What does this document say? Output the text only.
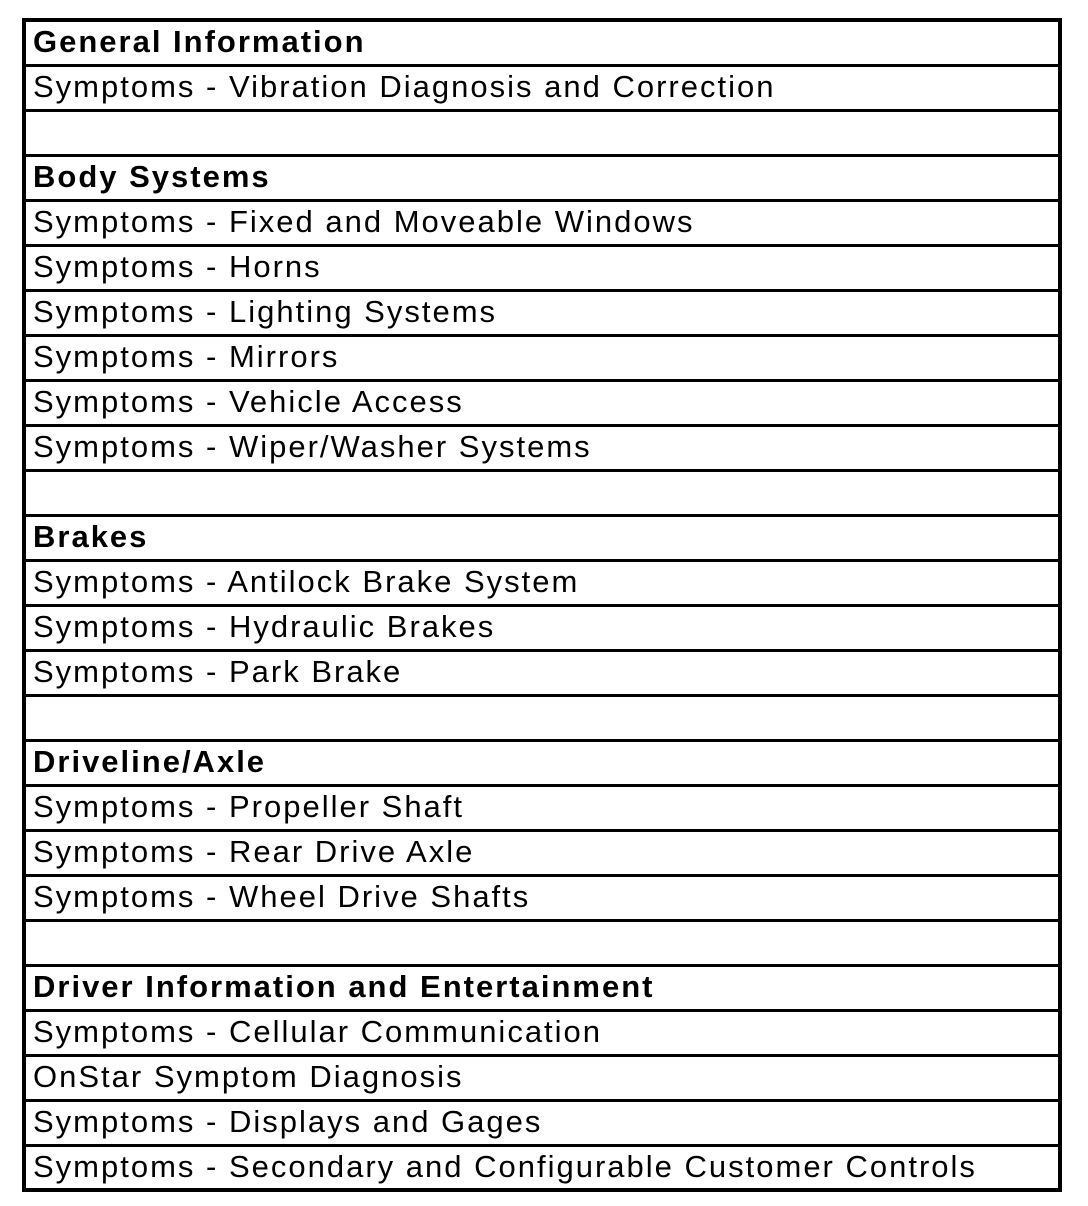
General Information
Symptoms - Vibration Diagnosis and Correction

Body Systems
Symptoms - Fixed and Moveable Windows
Symptoms - Horns
Symptoms - Lighting Systems
Symptoms - Mirrors
Symptoms - Vehicle Access
Symptoms - Wiper/Washer Systems

Brakes
Symptoms - Antilock Brake System
Symptoms - Hydraulic Brakes
Symptoms - Park Brake

Driveline/Axle
Symptoms - Propeller Shaft
Symptoms - Rear Drive Axle
Symptoms - Wheel Drive Shafts

Driver Information and Entertainment
Symptoms - Cellular Communication
OnStar Symptom Diagnosis
Symptoms - Displays and Gages
Symptoms - Secondary and Configurable Customer Controls
